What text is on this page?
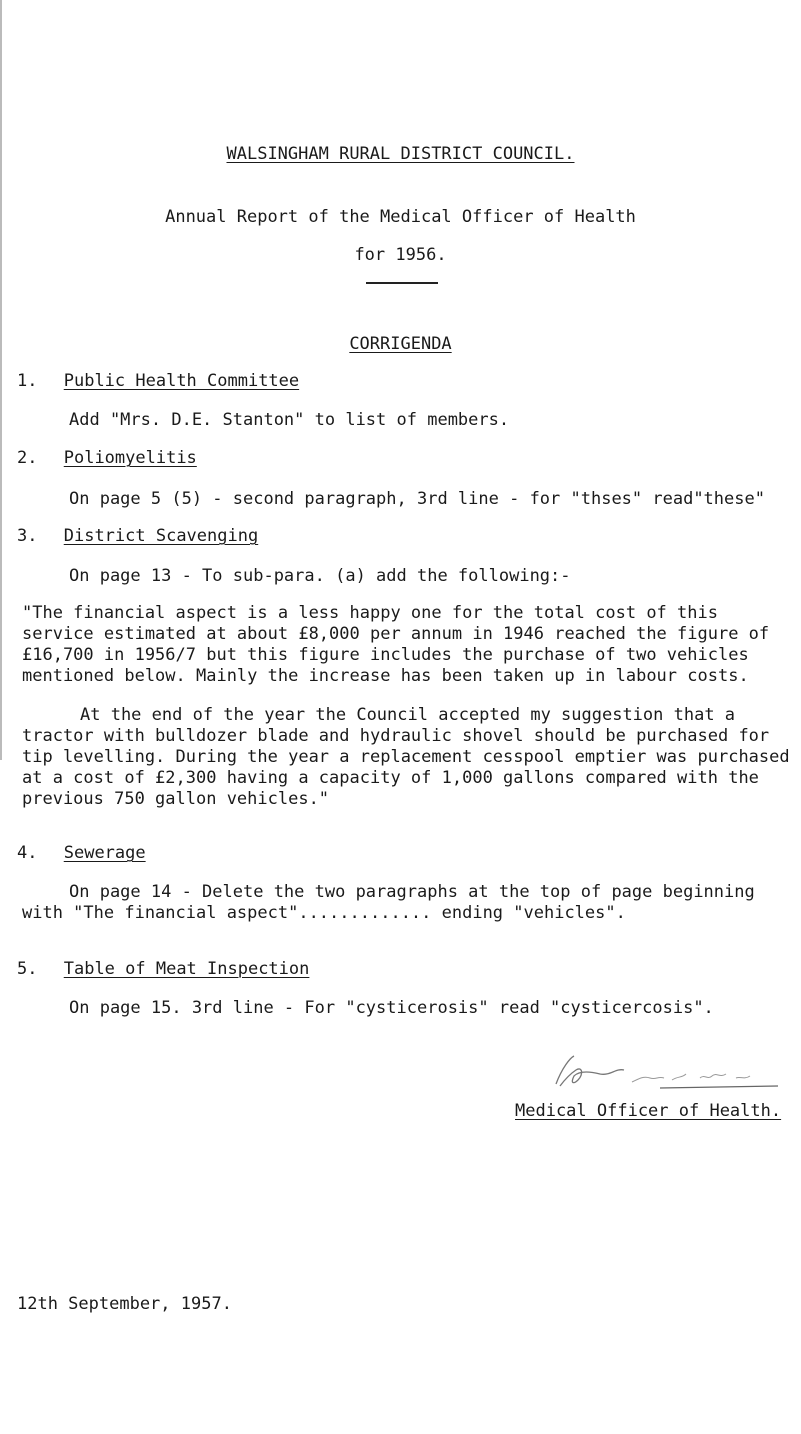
WALSINGHAM RURAL DISTRICT COUNCIL.
Annual Report of the Medical Officer of Health
for 1956.
CORRIGENDA
1. Public Health Committee
Add "Mrs. D.E. Stanton" to list of members.
2. Poliomyelitis
On page 5 (5) - second paragraph, 3rd line - for "thses" read"these"
3. District Scavenging
On page 13 - To sub-para. (a) add the following:-
"The financial aspect is a less happy one for the total cost of this
service estimated at about £8,000 per annum in 1946 reached the figure of
£16,700 in 1956/7 but this figure includes the purchase of two vehicles
mentioned below. Mainly the increase has been taken up in labour costs.
At the end of the year the Council accepted my suggestion that a
tractor with bulldozer blade and hydraulic shovel should be purchased for
tip levelling. During the year a replacement cesspool emptier was purchased
at a cost of £2,300 having a capacity of 1,000 gallons compared with the
previous 750 gallon vehicles."
4. Sewerage
On page 14 - Delete the two paragraphs at the top of page beginning
with "The financial aspect"............. ending "vehicles".
5. Table of Meat Inspection
On page 15. 3rd line - For "cysticerosis" read "cysticercosis".
Medical Officer of Health.
12th September, 1957.
